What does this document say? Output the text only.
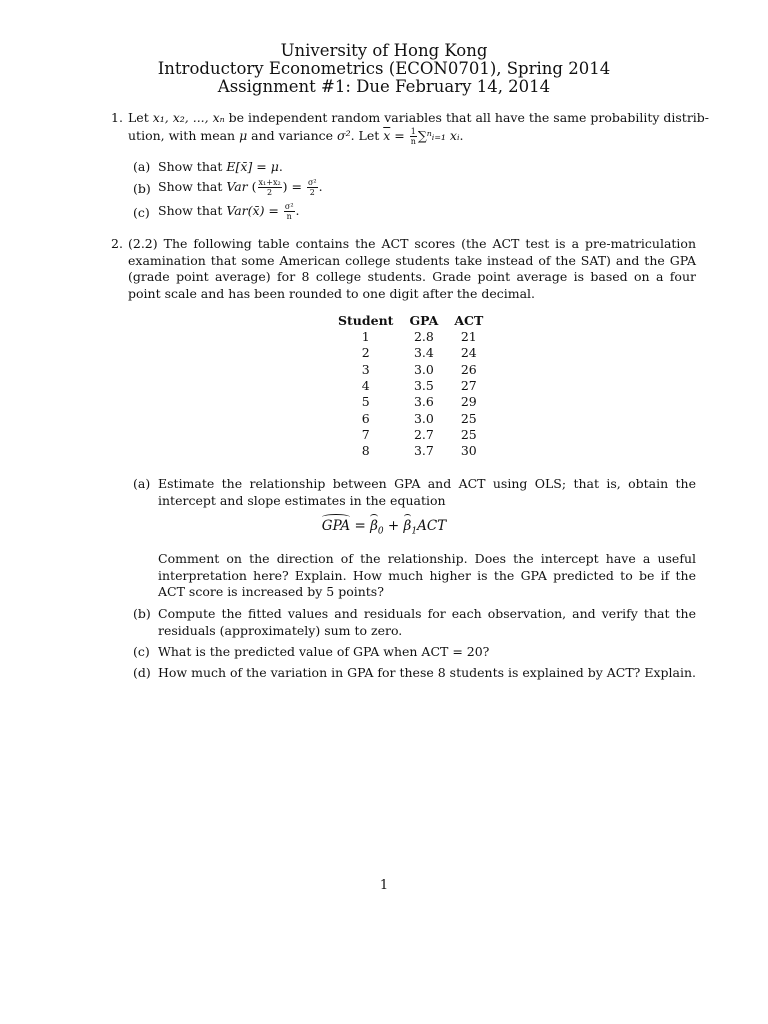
University of Hong Kong
Introductory Econometrics (ECON0701), Spring 2014
Assignment #1: Due February 14, 2014
1. Let x₁, x₂, ..., xₙ be independent random variables that all have the same probability distrib-
ution, with mean μ and variance σ². Let $\overline{x} = \frac{1}{n}$ ∑ⁿᵢ₌₁ xᵢ.
(a) Show that E[x̄] = μ.
(b) Show that Var ( $\frac{\text{x₁+x₂}}{2}$ ) = $\frac{\text{σ²}}{2}$ .
(c) Show that Var(x̄) = $\frac{\text{σ²}}{n}$ .
2. (2.2) The following table contains the ACT scores (the ACT test is a pre-matriculation examination that some American college students take instead of the SAT) and the GPA (grade point average) for 8 college students. Grade point average is based on a four point scale and has been rounded to one digit after the decimal.
Student	GPA	ACT
1	2.8	21
2	3.4	24
3	3.0	26
4	3.5	27
5	3.6	29
6	3.0	25
7	2.7	25
8	3.7	30
(a) Estimate the relationship between GPA and ACT using OLS; that is, obtain the intercept and slope estimates in the equation
GPA = $\beta_0 + \beta_1ACT$
Comment on the direction of the relationship. Does the intercept have a useful interpretation here? Explain. How much higher is the GPA predicted to be if the ACT score is increased by 5 points?
(b) Compute the fitted values and residuals for each observation, and verify that the residuals (approximately) sum to zero.
(c) What is the predicted value of GPA when ACT = 20?
(d) How much of the variation in GPA for these 8 students is explained by ACT? Explain.
1
